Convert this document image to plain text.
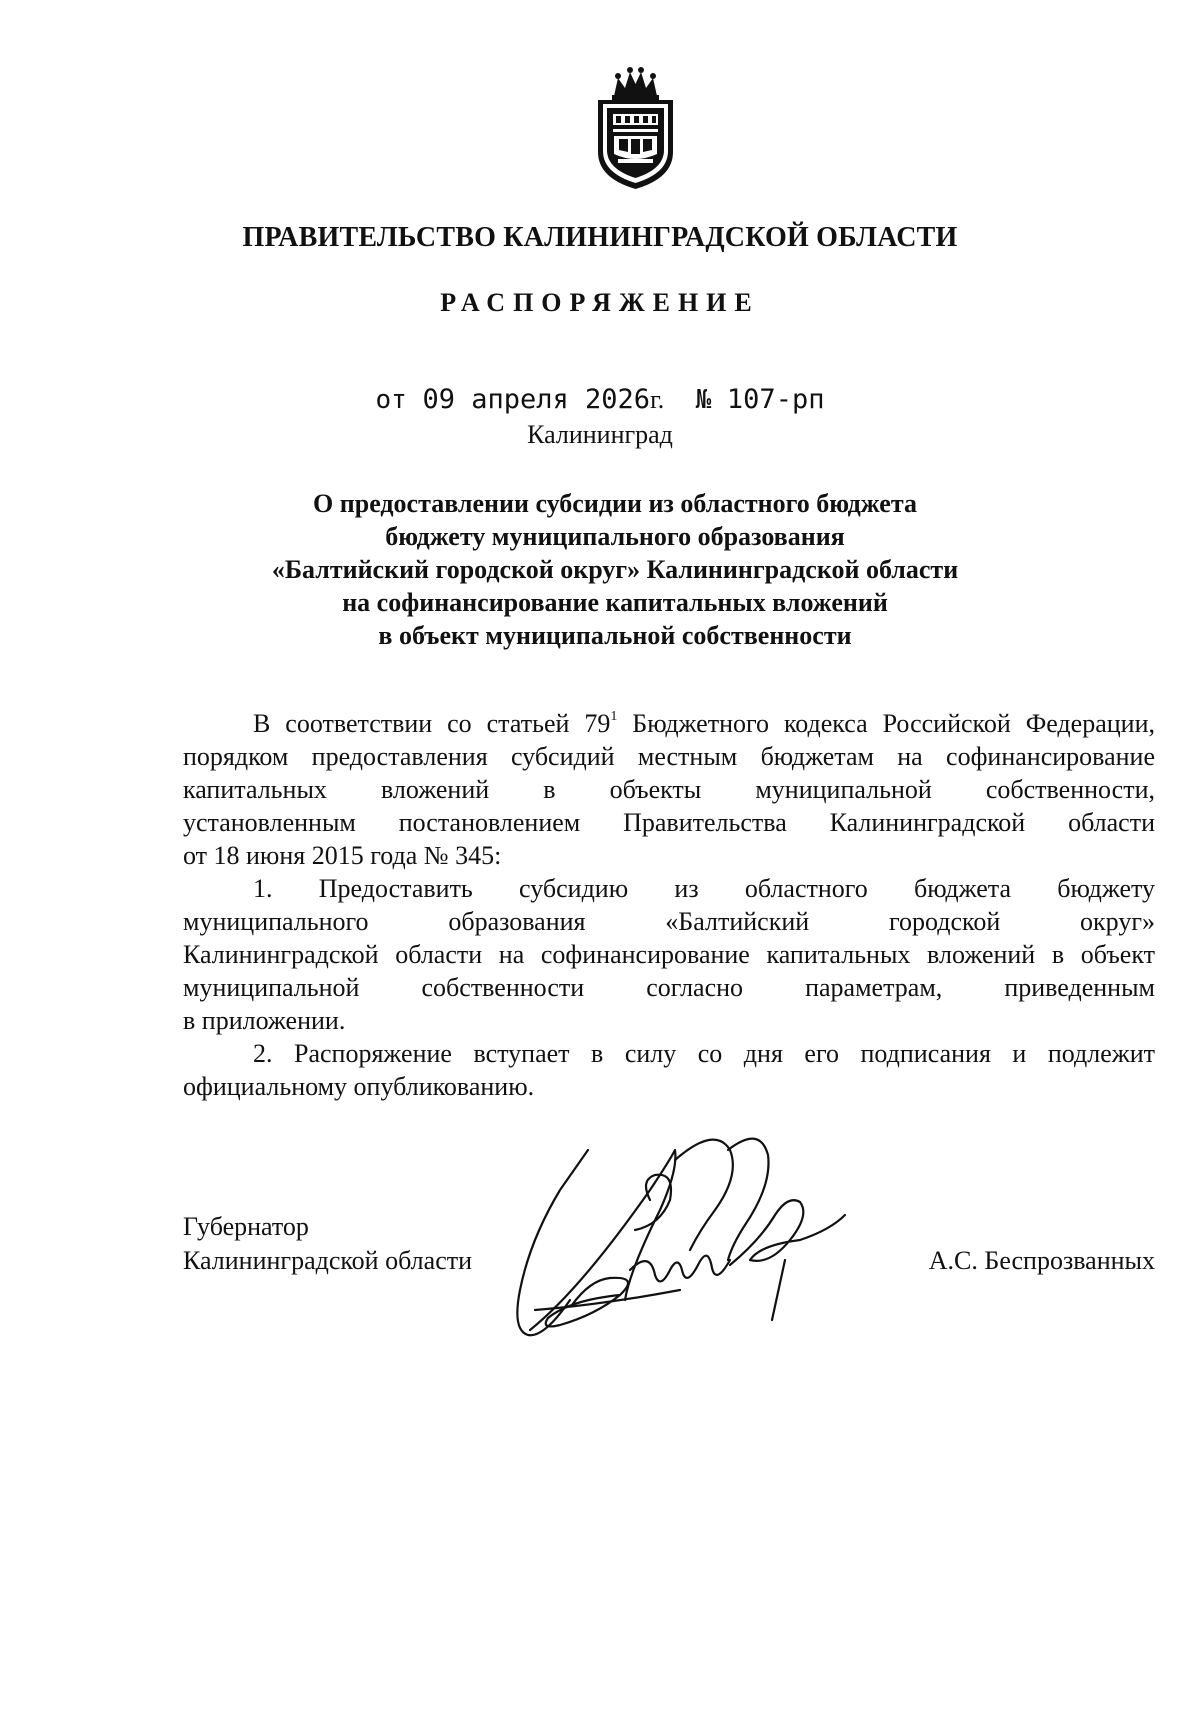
ПРАВИТЕЛЬСТВО КАЛИНИНГРАДСКОЙ ОБЛАСТИ
РАСПОРЯЖЕНИЕ
от 09 апреля 2026г. № 107-рп
Калининград
О предоставлении субсидии из областного бюджета
бюджету муниципального образования
«Балтийский городской округ» Калининградской области
на софинансирование капитальных вложений
в объект муниципальной собственности
В соответствии со статьей $79^1$ Бюджетного кодекса Российской Федерации,
порядком предоставления субсидий местным бюджетам на софинансирование
капитальных вложений в объекты муниципальной собственности,
установленным постановлением Правительства Калининградской области
от 18 июня 2015 года № 345:
1. Предоставить субсидию из областного бюджета бюджету
муниципального образования «Балтийский городской округ»
Калининградской области на софинансирование капитальных вложений в объект
муниципальной собственности согласно параметрам, приведенным
в приложении.
2. Распоряжение вступает в силу со дня его подписания и подлежит
официальному опубликованию.
Губернатор
Калининградской области	А.С. Беспрозванных
